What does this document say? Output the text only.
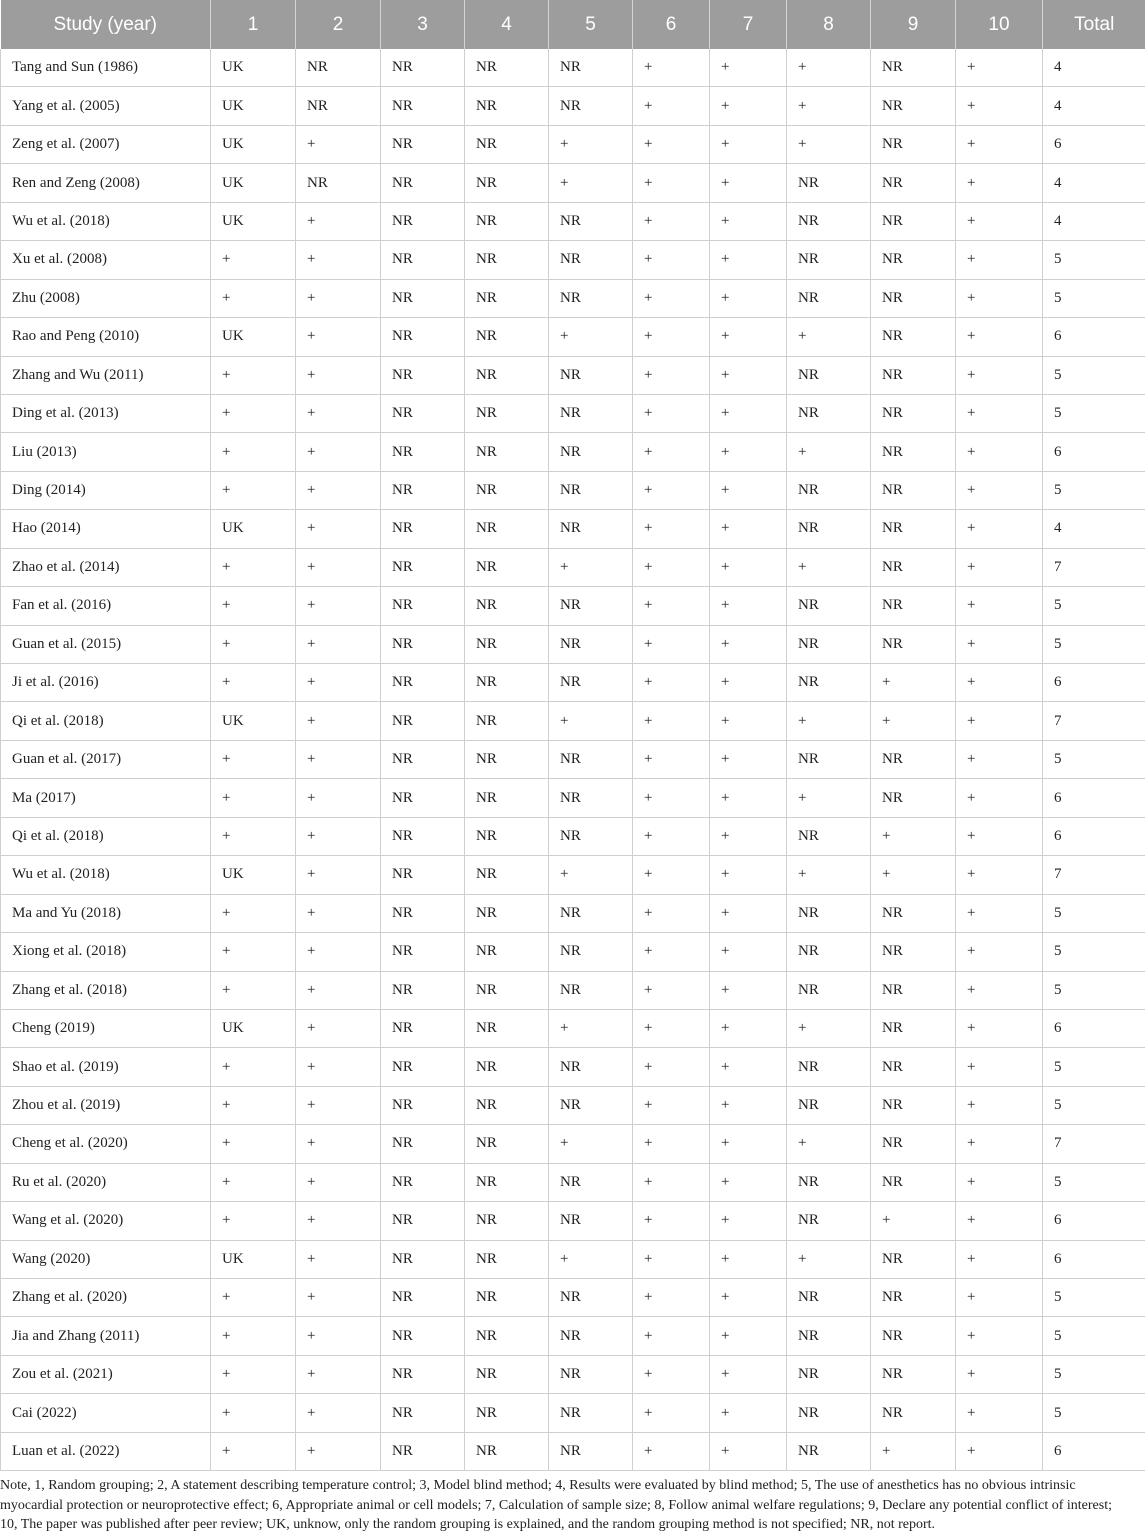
Study (year)	1	2	3	4	5	6	7	8	9	10	Total
Tang and Sun (1986)	UK	NR	NR	NR	NR	+	+	+	NR	+	4
Yang et al. (2005)	UK	NR	NR	NR	NR	+	+	+	NR	+	4
Zeng et al. (2007)	UK	+	NR	NR	+	+	+	+	NR	+	6
Ren and Zeng (2008)	UK	NR	NR	NR	+	+	+	NR	NR	+	4
Wu et al. (2018)	UK	+	NR	NR	NR	+	+	NR	NR	+	4
Xu et al. (2008)	+	+	NR	NR	NR	+	+	NR	NR	+	5
Zhu (2008)	+	+	NR	NR	NR	+	+	NR	NR	+	5
Rao and Peng (2010)	UK	+	NR	NR	+	+	+	+	NR	+	6
Zhang and Wu (2011)	+	+	NR	NR	NR	+	+	NR	NR	+	5
Ding et al. (2013)	+	+	NR	NR	NR	+	+	NR	NR	+	5
Liu (2013)	+	+	NR	NR	NR	+	+	+	NR	+	6
Ding (2014)	+	+	NR	NR	NR	+	+	NR	NR	+	5
Hao (2014)	UK	+	NR	NR	NR	+	+	NR	NR	+	4
Zhao et al. (2014)	+	+	NR	NR	+	+	+	+	NR	+	7
Fan et al. (2016)	+	+	NR	NR	NR	+	+	NR	NR	+	5
Guan et al. (2015)	+	+	NR	NR	NR	+	+	NR	NR	+	5
Ji et al. (2016)	+	+	NR	NR	NR	+	+	NR	+	+	6
Qi et al. (2018)	UK	+	NR	NR	+	+	+	+	+	+	7
Guan et al. (2017)	+	+	NR	NR	NR	+	+	NR	NR	+	5
Ma (2017)	+	+	NR	NR	NR	+	+	+	NR	+	6
Qi et al. (2018)	+	+	NR	NR	NR	+	+	NR	+	+	6
Wu et al. (2018)	UK	+	NR	NR	+	+	+	+	+	+	7
Ma and Yu (2018)	+	+	NR	NR	NR	+	+	NR	NR	+	5
Xiong et al. (2018)	+	+	NR	NR	NR	+	+	NR	NR	+	5
Zhang et al. (2018)	+	+	NR	NR	NR	+	+	NR	NR	+	5
Cheng (2019)	UK	+	NR	NR	+	+	+	+	NR	+	6
Shao et al. (2019)	+	+	NR	NR	NR	+	+	NR	NR	+	5
Zhou et al. (2019)	+	+	NR	NR	NR	+	+	NR	NR	+	5
Cheng et al. (2020)	+	+	NR	NR	+	+	+	+	NR	+	7
Ru et al. (2020)	+	+	NR	NR	NR	+	+	NR	NR	+	5
Wang et al. (2020)	+	+	NR	NR	NR	+	+	NR	+	+	6
Wang (2020)	UK	+	NR	NR	+	+	+	+	NR	+	6
Zhang et al. (2020)	+	+	NR	NR	NR	+	+	NR	NR	+	5
Jia and Zhang (2011)	+	+	NR	NR	NR	+	+	NR	NR	+	5
Zou et al. (2021)	+	+	NR	NR	NR	+	+	NR	NR	+	5
Cai (2022)	+	+	NR	NR	NR	+	+	NR	NR	+	5
Luan et al. (2022)	+	+	NR	NR	NR	+	+	NR	+	+	6

Note, 1, Random grouping; 2, A statement describing temperature control; 3, Model blind method; 4, Results were evaluated by blind method; 5, The use of anesthetics has no obvious intrinsic myocardial protection or neuroprotective effect; 6, Appropriate animal or cell models; 7, Calculation of sample size; 8, Follow animal welfare regulations; 9, Declare any potential conflict of interest; 10, The paper was published after peer review; UK, unknow, only the random grouping is explained, and the random grouping method is not specified; NR, not report.
